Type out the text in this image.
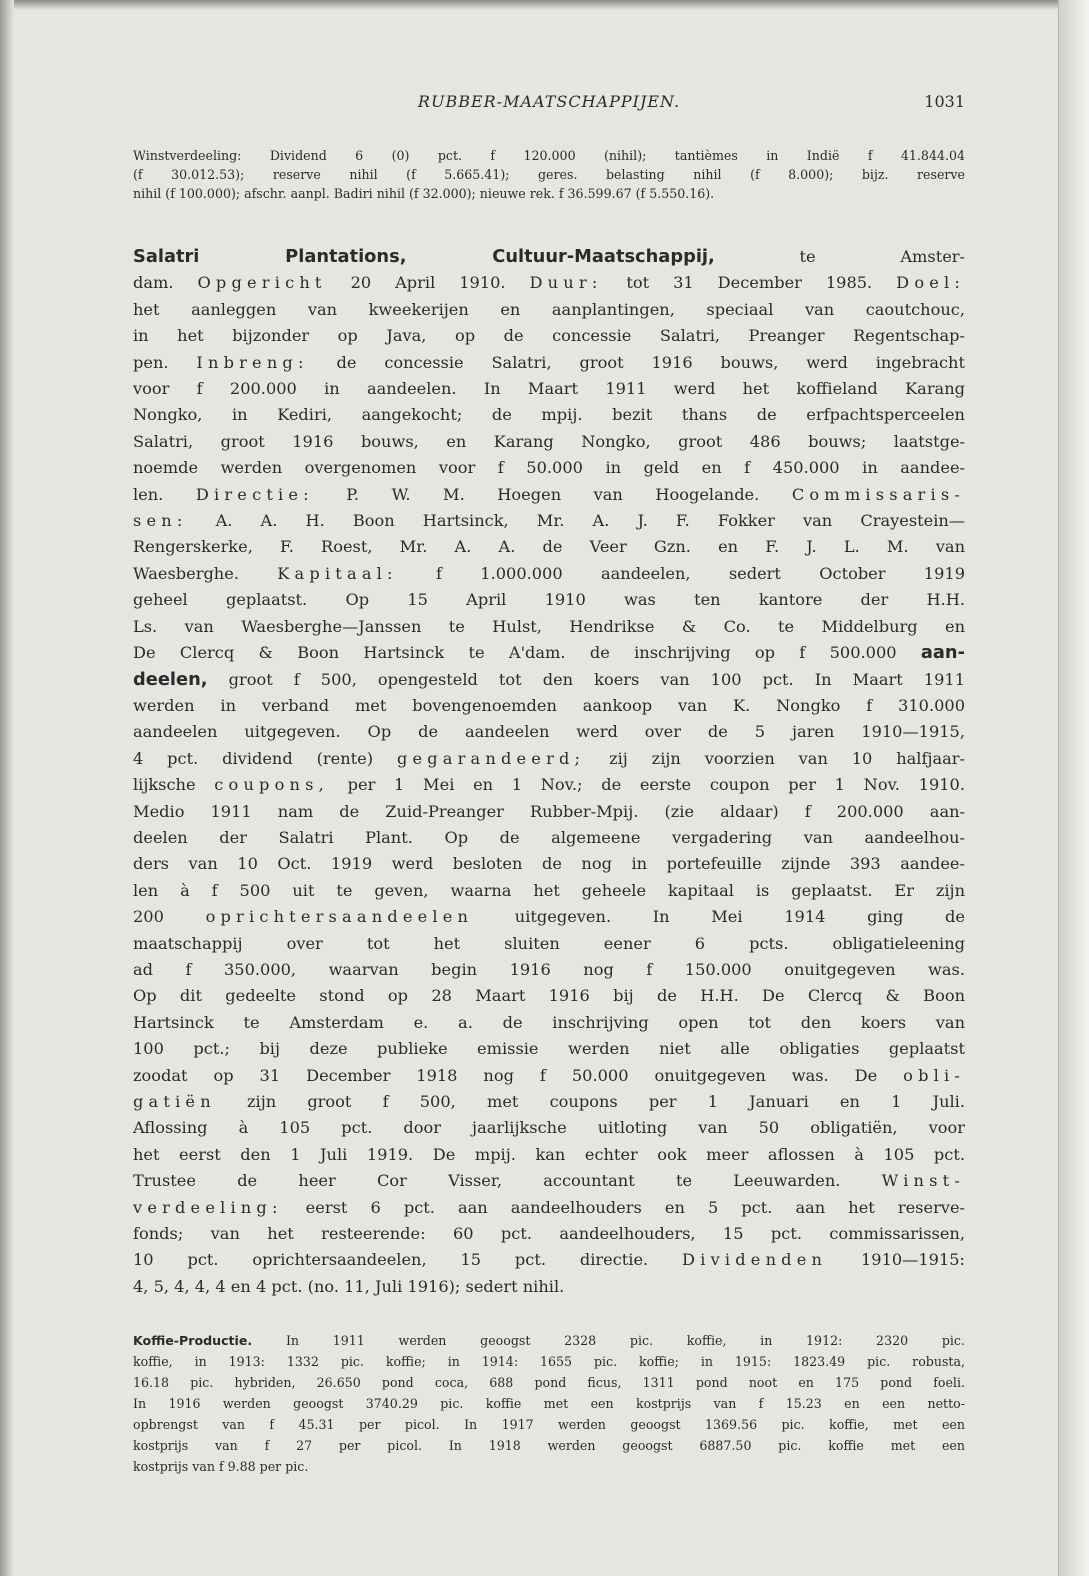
RUBBER-MAATSCHAPPIJEN.	1031
Winstverdeeling: Dividend 6 (0) pct. f 120.000 (nihil); tantièmes in Indië f 41.844.04
(f 30.012.53); reserve nihil (f 5.665.41); geres. belasting nihil (f 8.000); bijz. reserve
nihil (f 100.000); afschr. aanpl. Badiri nihil (f 32.000); nieuwe rek. f 36.599.67 (f 5.550.16).
Salatri Plantations, Cultuur-Maatschappij, te Amster-
dam. Opgericht 20 April 1910. Duur: tot 31 December 1985. Doel:
het aanleggen van kweekerijen en aanplantingen, speciaal van caoutchouc,
in het bijzonder op Java, op de concessie Salatri, Preanger Regentschap-
pen. Inbreng: de concessie Salatri, groot 1916 bouws, werd ingebracht
voor f 200.000 in aandeelen. In Maart 1911 werd het koffieland Karang
Nongko, in Kediri, aangekocht; de mpij. bezit thans de erfpachtsperceelen
Salatri, groot 1916 bouws, en Karang Nongko, groot 486 bouws; laatstge-
noemde werden overgenomen voor f 50.000 in geld en f 450.000 in aandee-
len. Directie: P. W. M. Hoegen van Hoogelande. Commissaris-
sen: A. A. H. Boon Hartsinck, Mr. A. J. F. Fokker van Crayestein—
Rengerskerke, F. Roest, Mr. A. A. de Veer Gzn. en F. J. L. M. van
Waesberghe. Kapitaal: f 1.000.000 aandeelen, sedert October 1919
geheel geplaatst. Op 15 April 1910 was ten kantore der H.H.
Ls. van Waesberghe—Janssen te Hulst, Hendrikse & Co. te Middelburg en
De Clercq & Boon Hartsinck te A'dam. de inschrijving op f 500.000 aan-
deelen, groot f 500, opengesteld tot den koers van 100 pct. In Maart 1911
werden in verband met bovengenoemden aankoop van K. Nongko f 310.000
aandeelen uitgegeven. Op de aandeelen werd over de 5 jaren 1910—1915,
4 pct. dividend (rente) gegarandeerd; zij zijn voorzien van 10 halfjaar-
lijksche coupons, per 1 Mei en 1 Nov.; de eerste coupon per 1 Nov. 1910.
Medio 1911 nam de Zuid-Preanger Rubber-Mpij. (zie aldaar) f 200.000 aan-
deelen der Salatri Plant. Op de algemeene vergadering van aandeelhou-
ders van 10 Oct. 1919 werd besloten de nog in portefeuille zijnde 393 aandee-
len à f 500 uit te geven, waarna het geheele kapitaal is geplaatst. Er zijn
200 oprichtersaandeelen uitgegeven. In Mei 1914 ging de
maatschappij over tot het sluiten eener 6 pcts. obligatieleening
ad f 350.000, waarvan begin 1916 nog f 150.000 onuitgegeven was.
Op dit gedeelte stond op 28 Maart 1916 bij de H.H. De Clercq & Boon
Hartsinck te Amsterdam e. a. de inschrijving open tot den koers van
100 pct.; bij deze publieke emissie werden niet alle obligaties geplaatst
zoodat op 31 December 1918 nog f 50.000 onuitgegeven was. De obli-
gatiën zijn groot f 500, met coupons per 1 Januari en 1 Juli.
Aflossing à 105 pct. door jaarlijksche uitloting van 50 obligatiën, voor
het eerst den 1 Juli 1919. De mpij. kan echter ook meer aflossen à 105 pct.
Trustee de heer Cor Visser, accountant te Leeuwarden. Winst-
verdeeling: eerst 6 pct. aan aandeelhouders en 5 pct. aan het reserve-
fonds; van het resteerende: 60 pct. aandeelhouders, 15 pct. commissarissen,
10 pct. oprichtersaandeelen, 15 pct. directie. Dividenden 1910—1915:
4, 5, 4, 4, 4 en 4 pct. (no. 11, Juli 1916); sedert nihil.
Koffie-Productie. In 1911 werden geoogst 2328 pic. koffie, in 1912: 2320 pic.
koffie, in 1913: 1332 pic. koffie; in 1914: 1655 pic. koffie; in 1915: 1823.49 pic. robusta,
16.18 pic. hybriden, 26.650 pond coca, 688 pond ficus, 1311 pond noot en 175 pond foeli.
In 1916 werden geoogst 3740.29 pic. koffie met een kostprijs van f 15.23 en een netto-
opbrengst van f 45.31 per picol. In 1917 werden geoogst 1369.56 pic. koffie, met een
kostprijs van f 27 per picol. In 1918 werden geoogst 6887.50 pic. koffie met een
kostprijs van f 9.88 per pic.
